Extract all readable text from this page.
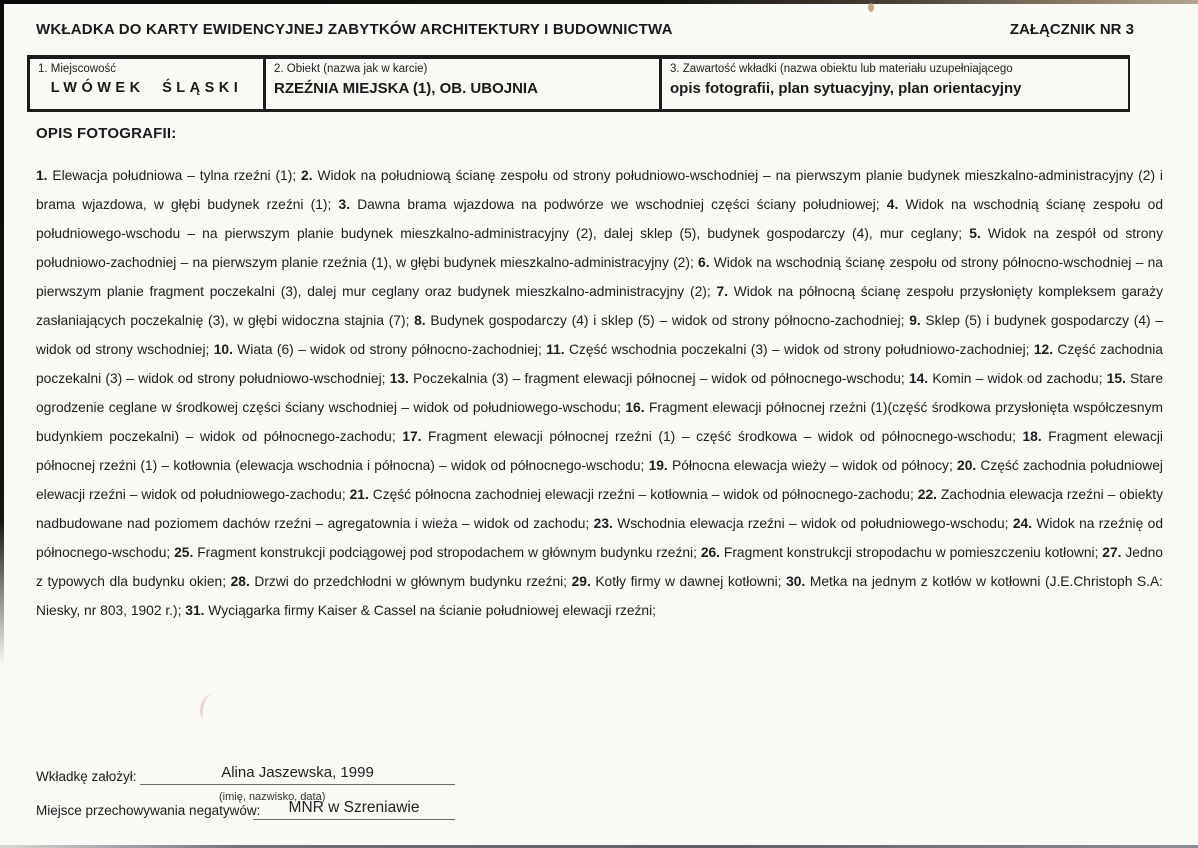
WKŁADKA DO KARTY EWIDENCYJNEJ ZABYTKÓW ARCHITEKTURY I BUDOWNICTWA	ZAŁĄCZNIK NR 3
1. Miejscowość
LWÓWEK ŚLĄSKI
2. Obiekt (nazwa jak w karcie)
RZEŹNIA MIEJSKA (1), OB. UBOJNIA
3. Zawartość wkładki (nazwa obiektu lub materiału uzupełniającego
opis fotografii, plan sytuacyjny, plan orientacyjny
OPIS FOTOGRAFII:

1. Elewacja południowa – tylna rzeźni (1); 2. Widok na południową ścianę zespołu od strony południowo-wschodniej – na pierwszym planie budynek mieszkalno-administracyjny (2) i brama wjazdowa, w głębi budynek rzeźni (1); 3. Dawna brama wjazdowa na podwórze we wschodniej części ściany południowej; 4. Widok na wschodnią ścianę zespołu od południowego-wschodu – na pierwszym planie budynek mieszkalno-administracyjny (2), dalej sklep (5), budynek gospodarczy (4), mur ceglany; 5. Widok na zespół od strony południowo-zachodniej – na pierwszym planie rzeźnia (1), w głębi budynek mieszkalno-administracyjny (2); 6. Widok na wschodnią ścianę zespołu od strony północno-wschodniej – na pierwszym planie fragment poczekalni (3), dalej mur ceglany oraz budynek mieszkalno-administracyjny (2); 7. Widok na północną ścianę zespołu przysłonięty kompleksem garaży zasłaniających poczekalnię (3), w głębi widoczna stajnia (7); 8. Budynek gospodarczy (4) i sklep (5) – widok od strony północno-zachodniej; 9. Sklep (5) i budynek gospodarczy (4) – widok od strony wschodniej; 10. Wiata (6) – widok od strony północno-zachodniej; 11. Część wschodnia poczekalni (3) – widok od strony południowo-zachodniej; 12. Część zachodnia poczekalni (3) – widok od strony południowo-wschodniej; 13. Poczekalnia (3) – fragment elewacji północnej – widok od północnego-wschodu; 14. Komin – widok od zachodu; 15. Stare ogrodzenie ceglane w środkowej części ściany wschodniej – widok od południowego-wschodu; 16. Fragment elewacji północnej rzeźni (1)(część środkowa przysłonięta współczesnym budynkiem poczekalni) – widok od północnego-zachodu; 17. Fragment elewacji północnej rzeźni (1) – część środkowa – widok od północnego-wschodu; 18. Fragment elewacji północnej rzeźni (1) – kotłownia (elewacja wschodnia i północna) – widok od północnego-wschodu; 19. Północna elewacja wieży – widok od północy; 20. Część zachodnia południowej elewacji rzeźni – widok od południowego-zachodu; 21. Część północna zachodniej elewacji rzeźni – kotłownia – widok od północnego-zachodu; 22. Zachodnia elewacja rzeźni – obiekty nadbudowane nad poziomem dachów rzeźni – agregatownia i wieża – widok od zachodu; 23. Wschodnia elewacja rzeźni – widok od południowego-wschodu; 24. Widok na rzeźnię od północnego-wschodu; 25. Fragment konstrukcji podciągowej pod stropodachem w głównym budynku rzeźni; 26. Fragment konstrukcji stropodachu w pomieszczeniu kotłowni; 27. Jedno z typowych dla budynku okien; 28. Drzwi do przedchłodni w głównym budynku rzeźni; 29. Kotły firmy w dawnej kotłowni; 30. Metka na jednym z kotłów w kotłowni (J.E.Christoph S.A: Niesky, nr 803, 1902 r.); 31. Wyciągarka firmy Kaiser & Cassel na ścianie południowej elewacji rzeźni;

Wkładkę założył:	Alina Jaszewska, 1999
(imię, nazwisko, data)
Miejsce przechowywania negatywów:	MNR w Szreniawie
